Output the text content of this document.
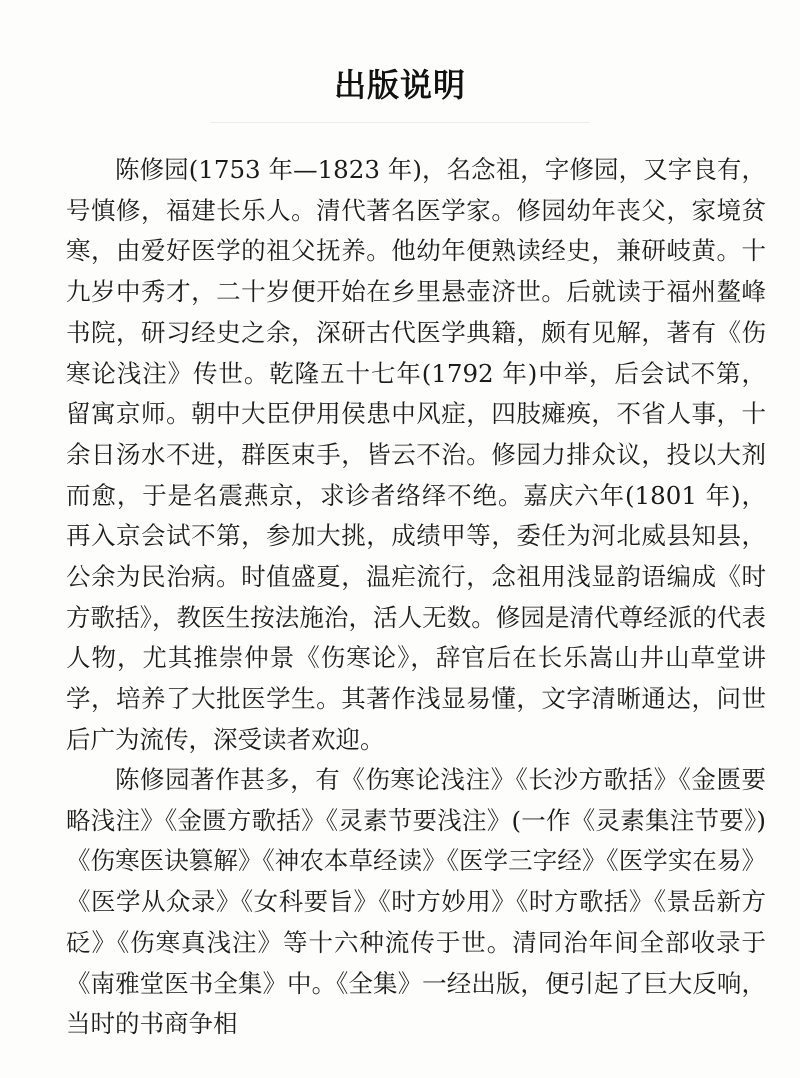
出版说明

陈修园(1753 年—1823 年)，名念祖，字修园，又字良有，号慎修，福建长乐人。清代著名医学家。修园幼年丧父，家境贫寒，由爱好医学的祖父抚养。他幼年便熟读经史，兼研岐黄。十九岁中秀才，二十岁便开始在乡里悬壶济世。后就读于福州鳌峰书院，研习经史之余，深研古代医学典籍，颇有见解，著有《伤寒论浅注》传世。乾隆五十七年(1792 年)中举，后会试不第，留寓京师。朝中大臣伊用侯患中风症，四肢瘫痪，不省人事，十余日汤水不进，群医束手，皆云不治。修园力排众议，投以大剂而愈，于是名震燕京，求诊者络绎不绝。嘉庆六年(1801 年)，再入京会试不第，参加大挑，成绩甲等，委任为河北威县知县，公余为民治病。时值盛夏，温疟流行，念祖用浅显韵语编成《时方歌括》，教医生按法施治，活人无数。修园是清代尊经派的代表人物，尤其推崇仲景《伤寒论》，辞官后在长乐嵩山井山草堂讲学，培养了大批医学生。其著作浅显易懂，文字清晰通达，问世后广为流传，深受读者欢迎。

陈修园著作甚多，有《伤寒论浅注》《长沙方歌括》《金匮要略浅注》《金匮方歌括》《灵素节要浅注》(一作《灵素集注节要》)《伤寒医诀篡解》《神农本草经读》《医学三字经》《医学实在易》《医学从众录》《女科要旨》《时方妙用》《时方歌括》《景岳新方砭》《伤寒真浅注》等十六种流传于世。清同治年间全部收录于《南雅堂医书全集》中。《全集》一经出版，便引起了巨大反响，当时的书商争相
